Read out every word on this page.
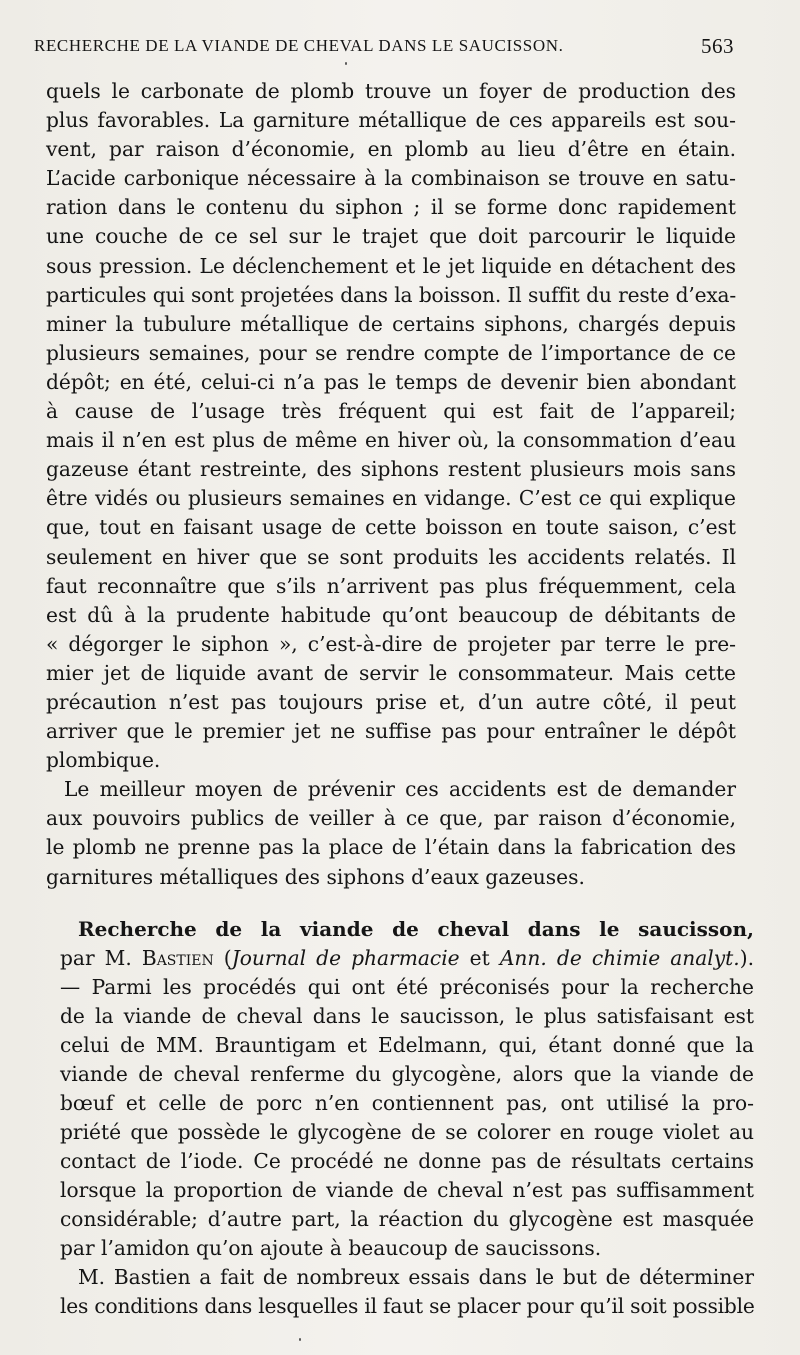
RECHERCHE DE LA VIANDE DE CHEVAL DANS LE SAUCISSON.	563
quels le carbonate de plomb trouve un foyer de production des
plus favorables. La garniture métallique de ces appareils est sou-
vent, par raison d’économie, en plomb au lieu d’être en étain.
L’acide carbonique nécessaire à la combinaison se trouve en satu-
ration dans le contenu du siphon ; il se forme donc rapidement
une couche de ce sel sur le trajet que doit parcourir le liquide
sous pression. Le déclenchement et le jet liquide en détachent des
particules qui sont projetées dans la boisson. Il suffit du reste d’exa-
miner la tubulure métallique de certains siphons, chargés depuis
plusieurs semaines, pour se rendre compte de l’importance de ce
dépôt; en été, celui-ci n’a pas le temps de devenir bien abondant
à cause de l’usage très fréquent qui est fait de l’appareil;
mais il n’en est plus de même en hiver où, la consommation d’eau
gazeuse étant restreinte, des siphons restent plusieurs mois sans
être vidés ou plusieurs semaines en vidange. C’est ce qui explique
que, tout en faisant usage de cette boisson en toute saison, c’est
seulement en hiver que se sont produits les accidents relatés. Il
faut reconnaître que s’ils n’arrivent pas plus fréquemment, cela
est dû à la prudente habitude qu’ont beaucoup de débitants de
« dégorger le siphon », c’est-à-dire de projeter par terre le pre-
mier jet de liquide avant de servir le consommateur. Mais cette
précaution n’est pas toujours prise et, d’un autre côté, il peut
arriver que le premier jet ne suffise pas pour entraîner le dépôt
plombique.
Le meilleur moyen de prévenir ces accidents est de demander
aux pouvoirs publics de veiller à ce que, par raison d’économie,
le plomb ne prenne pas la place de l’étain dans la fabrication des
garnitures métalliques des siphons d’eaux gazeuses.
Recherche de la viande de cheval dans le saucisson,
par M. Bastien (Journal de pharmacie et Ann. de chimie analyt.).
— Parmi les procédés qui ont été préconisés pour la recherche
de la viande de cheval dans le saucisson, le plus satisfaisant est
celui de MM. Brauntigam et Edelmann, qui, étant donné que la
viande de cheval renferme du glycogène, alors que la viande de
bœuf et celle de porc n’en contiennent pas, ont utilisé la pro-
priété que possède le glycogène de se colorer en rouge violet au
contact de l’iode. Ce procédé ne donne pas de résultats certains
lorsque la proportion de viande de cheval n’est pas suffisamment
considérable; d’autre part, la réaction du glycogène est masquée
par l’amidon qu’on ajoute à beaucoup de saucissons.
M. Bastien a fait de nombreux essais dans le but de déterminer
les conditions dans lesquelles il faut se placer pour qu’il soit possible
